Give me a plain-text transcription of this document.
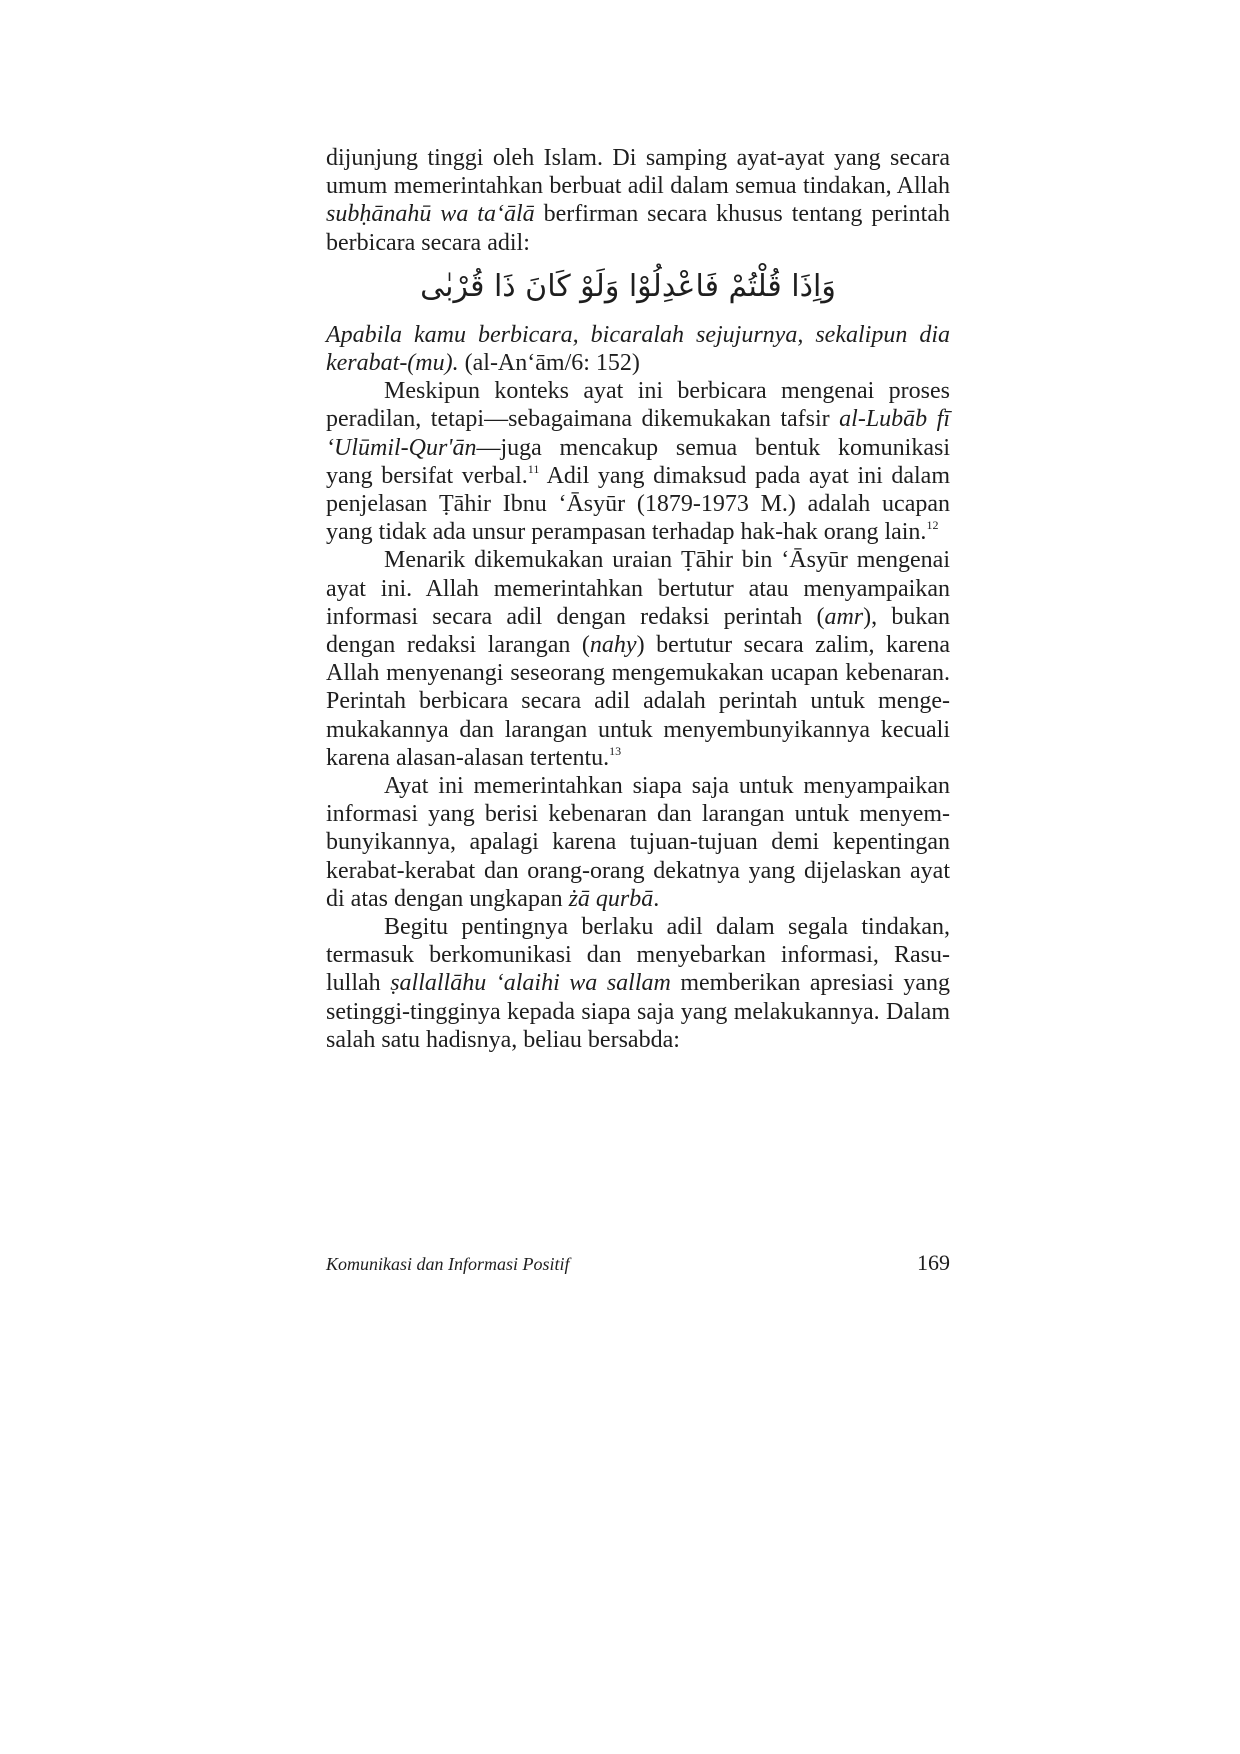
dijunjung tinggi oleh Islam. Di samping ayat-ayat yang secara umum memerintahkan berbuat adil dalam semua tindakan, Allah subḥānahū wa ta‘ālā berfirman secara khusus tentang perintah berbicara secara adil:

وَاِذَا قُلْتُمْ فَاعْدِلُوْا وَلَوْ كَانَ ذَا قُرْبٰى

Apabila kamu berbicara, bicaralah sejujurnya, sekalipun dia kerabat-(mu). (al-An‘ām/6: 152)

Meskipun konteks ayat ini berbicara mengenai proses peradilan, tetapi—sebagaimana dikemukakan tafsir al-Lubāb fī ‘Ulūmil-Qur'ān—juga mencakup semua bentuk komunikasi yang bersifat verbal.$^{11}$ Adil yang dimaksud pada ayat ini dalam penjelasan Ṭāhir Ibnu ‘Āsyūr (1879-1973 M.) adalah ucapan yang tidak ada unsur perampasan terhadap hak-hak orang lain.$^{12}$

Menarik dikemukakan uraian Ṭāhir bin ‘Āsyūr mengenai ayat ini. Allah memerintahkan bertutur atau menyampaikan informasi secara adil dengan redaksi perintah (amr), bukan dengan redaksi larangan (nahy) bertutur secara zalim, karena Allah menyenangi seseorang mengemukakan ucapan kebenaran. Perintah berbicara secara adil adalah perintah untuk menge-mukakannya dan larangan untuk menyembunyikannya kecuali karena alasan-alasan tertentu.$^{13}$

Ayat ini memerintahkan siapa saja untuk menyampaikan informasi yang berisi kebenaran dan larangan untuk menyem-bunyikannya, apalagi karena tujuan-tujuan demi kepentingan kerabat-kerabat dan orang-orang dekatnya yang dijelaskan ayat di atas dengan ungkapan żā qurbā.

Begitu pentingnya berlaku adil dalam segala tindakan, termasuk berkomunikasi dan menyebarkan informasi, Rasu-lullah ṣallallāhu ‘alaihi wa sallam memberikan apresiasi yang setinggi-tingginya kepada siapa saja yang melakukannya. Dalam salah satu hadisnya, beliau bersabda:

Komunikasi dan Informasi Positif	169
